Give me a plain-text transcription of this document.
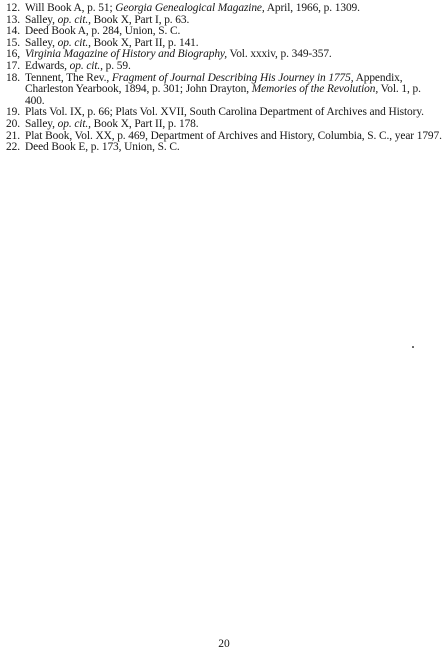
12. Will Book A, p. 51; Georgia Genealogical Magazine, April, 1966, p. 1309.
13. Salley, op. cit., Book X, Part I, p. 63.
14. Deed Book A, p. 284, Union, S. C.
15. Salley, op. cit., Book X, Part II, p. 141.
16, Virginia Magazine of History and Biography, Vol. xxxiv, p. 349-357.
17. Edwards, op. cit., p. 59.
18. Tennent, The Rev., Fragment of Journal Describing His Journey in 1775, Appendix, Charleston Yearbook, 1894, p. 301; John Drayton, Memories of the Revolution, Vol. 1, p. 400.
19. Plats Vol. IX, p. 66; Plats Vol. XVII, South Carolina Department of Archives and History.
20. Salley, op. cit., Book X, Part II, p. 178.
21. Plat Book, Vol. XX, p. 469, Department of Archives and History, Columbia, S. C., year 1797.
22. Deed Book E, p. 173, Union, S. C.
20
